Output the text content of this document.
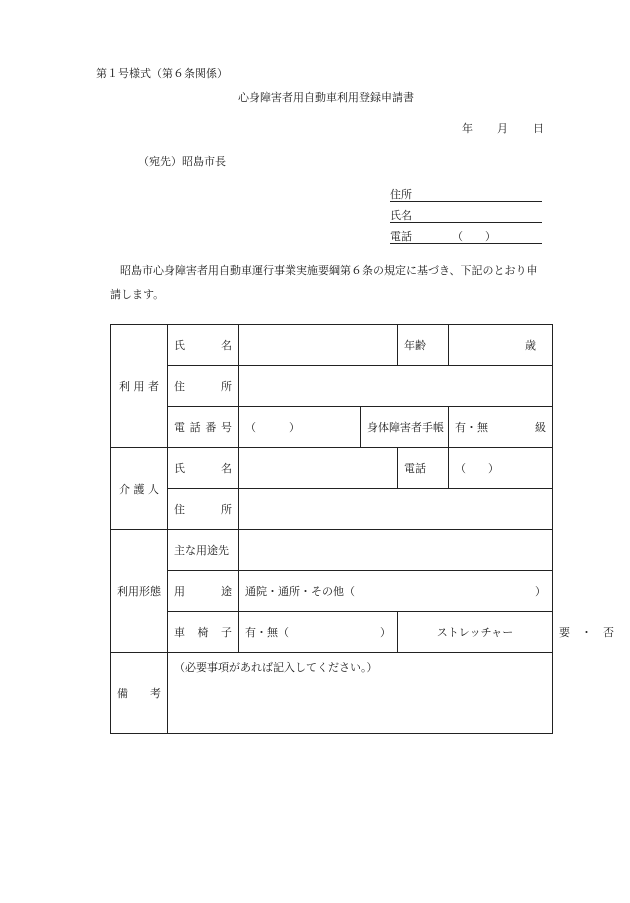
第１号様式（第６条関係）
心身障害者用自動車利用登録申請書
年 月 日
（宛先）昭島市長
住所
氏名
電話	（　　）
昭島市心身障害者用自動車運行事業実施要綱第６条の規定に基づき、下記のとおり申
請します。
利 用 者	氏　　名			年齢	歳	
	住　　所					
	電 話 番 号	（　　　）	身体障害者手帳		有・無 級	

介 護 人	氏　　名			電話	（　　）	
	住　　所					
利用形態	主な用途先					
	用　　途	通院・通所・その他（ ）				

	車　椅　子	有・無（ ）		ストレッチャー		要　・　否
備　　考	（必要事項があれば記入してください。）					
